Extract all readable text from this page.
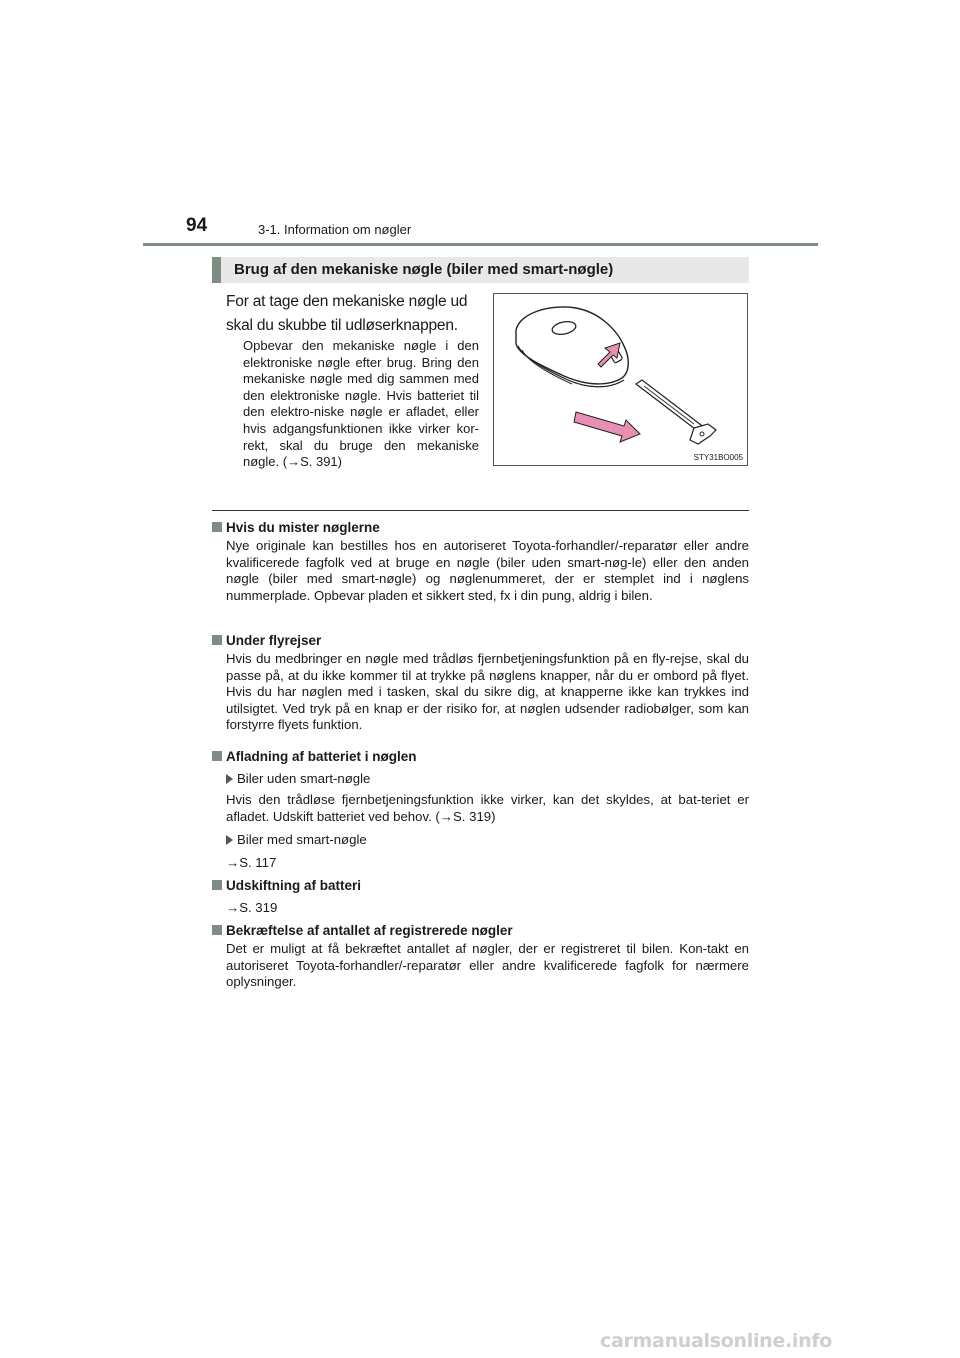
94	3-1. Information om nøgler
Brug af den mekaniske nøgle (biler med smart-nøgle)
For at tage den mekaniske nøgle ud skal du skubbe til udløserknappen.
Opbevar den mekaniske nøgle i den elektroniske nøgle efter brug. Bring den mekaniske nøgle med dig sammen med den elektroniske nøgle. Hvis batteriet til den elektro-niske nøgle er afladet, eller hvis adgangsfunktionen ikke virker kor-rekt, skal du bruge den mekaniske nøgle. (→S. 391)	STY31BO005
Hvis du mister nøglerne
Nye originale kan bestilles hos en autoriseret Toyota-forhandler/-reparatør eller andre kvalificerede fagfolk ved at bruge en nøgle (biler uden smart-nøg-le) eller den anden nøgle (biler med smart-nøgle) og nøglenummeret, der er stemplet ind i nøglens nummerplade. Opbevar pladen et sikkert sted, fx i din pung, aldrig i bilen.
Under flyrejser
Hvis du medbringer en nøgle med trådløs fjernbetjeningsfunktion på en fly-rejse, skal du passe på, at du ikke kommer til at trykke på nøglens knapper, når du er ombord på flyet. Hvis du har nøglen med i tasken, skal du sikre dig, at knapperne ikke kan trykkes ind utilsigtet. Ved tryk på en knap er der risiko for, at nøglen udsender radiobølger, som kan forstyrre flyets funktion.
Afladning af batteriet i nøglen
Biler uden smart-nøgle
Hvis den trådløse fjernbetjeningsfunktion ikke virker, kan det skyldes, at bat-teriet er afladet. Udskift batteriet ved behov. (→S. 319)
Biler med smart-nøgle
→S. 117
Udskiftning af batteri
→S. 319
Bekræftelse af antallet af registrerede nøgler
Det er muligt at få bekræftet antallet af nøgler, der er registreret til bilen. Kon-takt en autoriseret Toyota-forhandler/-reparatør eller andre kvalificerede fagfolk for nærmere oplysninger.
carmanualsonline.info
